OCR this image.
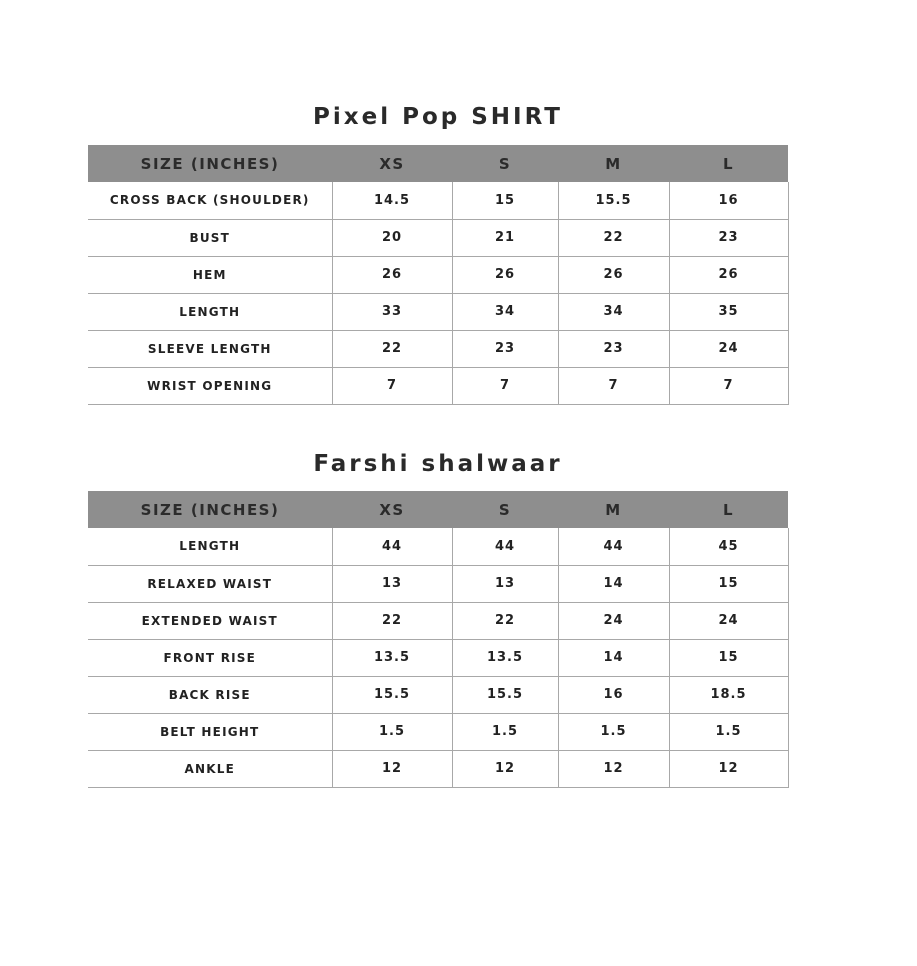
Pixel Pop SHIRT
SIZE (INCHES)	XS	S	M	L
CROSS BACK (SHOULDER)	14.5	15	15.5	16
BUST	20	21	22	23
HEM	26	26	26	26
LENGTH	33	34	34	35
SLEEVE LENGTH	22	23	23	24
WRIST OPENING	7	7	7	7
Farshi shalwaar
SIZE (INCHES)	XS	S	M	L
LENGTH	44	44	44	45
RELAXED WAIST	13	13	14	15
EXTENDED WAIST	22	22	24	24
FRONT RISE	13.5	13.5	14	15
BACK RISE	15.5	15.5	16	18.5
BELT HEIGHT	1.5	1.5	1.5	1.5
ANKLE	12	12	12	12
